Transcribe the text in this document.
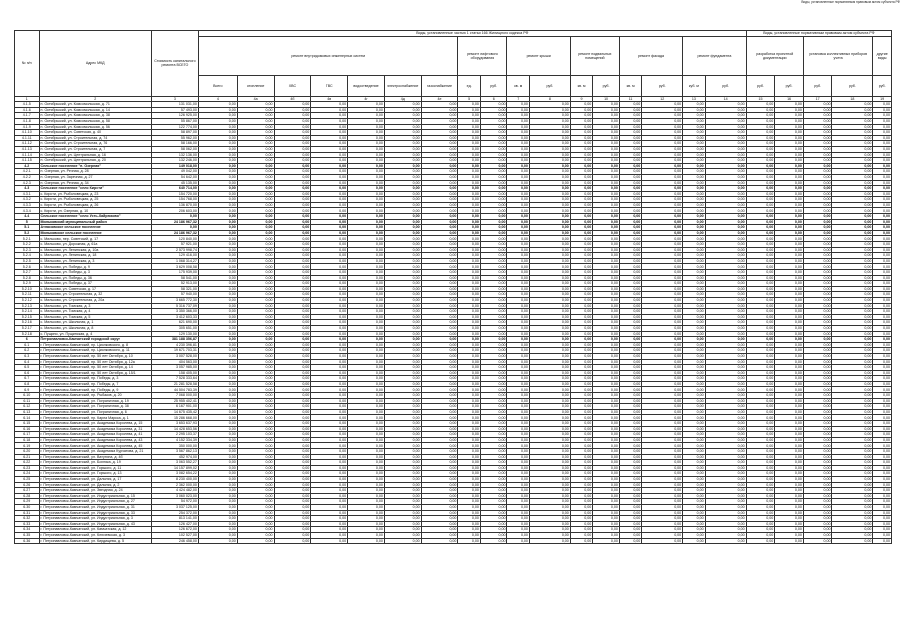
Виды, установленные нормативным правовым актом субъекта РФ
№ п/п	Адрес МКД	Стоимость капитального ремонта ВСЕГО	Виды, установленные частью 1 статьи 166 Жилищного кодекса РФ																	Виды, установленные нормативным правовым актом субъекта РФ				
			ремонт внутридомовых инженерных систем							ремонт лифтового оборудования		ремонт крыши		ремонт подвальных помещений		ремонт фасада		ремонт фундамента		разработка проектной документации		установка коллективных приборов учета		другие виды
			Всего	отопление	ХВС	ГВС	водоотведение	электроснабжение	газоснабжение	ед.	руб.	кв. м	руб.	кв. м	руб.	кв. м	руб.	куб. м	руб.	руб.	руб.	руб.	руб.	руб.
1	2	3	4	4а	4б	4в	4г	4д	4е	5	6	7	8	9	10	11	12	13	14	15	16	17	18	19
4.1.5	п. Октябрьский, ул. Комсомольская, д. 71	131 031,00	0,00	0,00	0,00	0,00	0,00	0,00	0,00	0,00	0,00	0,00	0,00	0,00	0,00	0,00	0,00	0,00	0,00	0,00	0,00	0,00	0,00	0,00
4.1.6	п. Октябрьский, ул. Комсомольская, д. 14	57 493,00	0,00	0,00	0,00	0,00	0,00	0,00	0,00	0,00	0,00	0,00	0,00	0,00	0,00	0,00	0,00	0,00	0,00	0,00	0,00	0,00	0,00	0,00
4.1.7	п. Октябрьский, ул. Комсомольская, д. 38	126 925,00	0,00	0,00	0,00	0,00	0,00	0,00	0,00	0,00	0,00	0,00	0,00	0,00	0,00	0,00	0,00	0,00	0,00	0,00	0,00	0,00	0,00	0,00
4.1.8	п. Октябрьский, ул. Комсомольская, д. 58	55 867,00	0,00	0,00	0,00	0,00	0,00	0,00	0,00	0,00	0,00	0,00	0,00	0,00	0,00	0,00	0,00	0,00	0,00	0,00	0,00	0,00	0,00	0,00
4.1.9	п. Октябрьский, ул. Комсомольская, д. 56	122 774,00	0,00	0,00	0,00	0,00	0,00	0,00	0,00	0,00	0,00	0,00	0,00	0,00	0,00	0,00	0,00	0,00	0,00	0,00	0,00	0,00	0,00	0,00
4.1.10	п. Октябрьский, ул. Советская, д. 40	58 897,00	0,00	0,00	0,00	0,00	0,00	0,00	0,00	0,00	0,00	0,00	0,00	0,00	0,00	0,00	0,00	0,00	0,00	0,00	0,00	0,00	0,00	0,00
4.1.11	п. Октябрьский, ул. Строительная, д. 74	55 962,00	0,00	0,00	0,00	0,00	0,00	0,00	0,00	0,00	0,00	0,00	0,00	0,00	0,00	0,00	0,00	0,00	0,00	0,00	0,00	0,00	0,00	0,00
4.1.12	п. Октябрьский, ул. Строительная, д. 76	58 166,00	0,00	0,00	0,00	0,00	0,00	0,00	0,00	0,00	0,00	0,00	0,00	0,00	0,00	0,00	0,00	0,00	0,00	0,00	0,00	0,00	0,00	0,00
4.1.13	п. Октябрьский, ул. Строительная, д. 7	58 062,00	0,00	0,00	0,00	0,00	0,00	0,00	0,00	0,00	0,00	0,00	0,00	0,00	0,00	0,00	0,00	0,00	0,00	0,00	0,00	0,00	0,00	0,00
4.1.14	п. Октябрьский, ул. Центральная, д. 16	132 136,00	0,00	0,00	0,00	0,00	0,00	0,00	0,00	0,00	0,00	0,00	0,00	0,00	0,00	0,00	0,00	0,00	0,00	0,00	0,00	0,00	0,00	0,00
4.1.15	п. Октябрьский, ул. Центральная, д. 20	132 246,00	0,00	0,00	0,00	0,00	0,00	0,00	0,00	0,00	0,00	0,00	0,00	0,00	0,00	0,00	0,00	0,00	0,00	0,00	0,00	0,00	0,00	0,00
4.2	Сельское поселение "п. Озерная"	149 018,00	0,00	0,00	0,00	0,00	0,00	0,00	0,00	0,00	0,00	0,00	0,00	0,00	0,00	0,00	0,00	0,00	0,00	0,00	0,00	0,00	0,00	0,00
4.2.1	п. Озерная, ул. Речная, д. 28	49 042,00	0,00	0,00	0,00	0,00	0,00	0,00	0,00	0,00	0,00	0,00	0,00	0,00	0,00	0,00	0,00	0,00	0,00	0,00	0,00	0,00	0,00	0,00
4.2.2	п. Озерная, ул. Заречная, д. 27	54 642,00	0,00	0,00	0,00	0,00	0,00	0,00	0,00	0,00	0,00	0,00	0,00	0,00	0,00	0,00	0,00	0,00	0,00	0,00	0,00	0,00	0,00	0,00
4.2.3	п. Озерная, ул. Речная, д. 34	45 135,00	0,00	0,00	0,00	0,00	0,00	0,00	0,00	0,00	0,00	0,00	0,00	0,00	0,00	0,00	0,00	0,00	0,00	0,00	0,00	0,00	0,00	0,00
4.3	Сельское поселение "село Кирсти"	640 714,00	0,00	0,00	0,00	0,00	0,00	0,00	0,00	0,00	0,00	0,00	0,00	0,00	0,00	0,00	0,00	0,00	0,00	0,00	0,00	0,00	0,00	0,00
4.3.1	с. Кирсти, ул. Рыболовецкая, д. 23	154 720,00	0,00	0,00	0,00	0,00	0,00	0,00	0,00	0,00	0,00	0,00	0,00	0,00	0,00	0,00	0,00	0,00	0,00	0,00	0,00	0,00	0,00	0,00
4.3.2	с. Кирсти, ул. Рыболовецкая, д. 25	154 768,00	0,00	0,00	0,00	0,00	0,00	0,00	0,00	0,00	0,00	0,00	0,00	0,00	0,00	0,00	0,00	0,00	0,00	0,00	0,00	0,00	0,00	0,00
4.3.3	с. Кирсти, ул. Рыболовецкая, д. 26	136 870,00	0,00	0,00	0,00	0,00	0,00	0,00	0,00	0,00	0,00	0,00	0,00	0,00	0,00	0,00	0,00	0,00	0,00	0,00	0,00	0,00	0,00	0,00
4.3.4	с. Кирсти, ул. Озерная, д. 10	206 603,00	0,00	0,00	0,00	0,00	0,00	0,00	0,00	0,00	0,00	0,00	0,00	0,00	0,00	0,00	0,00	0,00	0,00	0,00	0,00	0,00	0,00	0,00
4.4	Сельское поселение "село Усть-Хайрюзово"	0,00	0,00	0,00	0,00	0,00	0,00	0,00	0,00	0,00	0,00	0,00	0,00	0,00	0,00	0,00	0,00	0,00	0,00	0,00	0,00	0,00	0,00	0,00
5	Мильковский муниципальный район	24 186 967,32	0,00	0,00	0,00	0,00	0,00	0,00	0,00	0,00	0,00	0,00	0,00	0,00	0,00	0,00	0,00	0,00	0,00	0,00	0,00	0,00	0,00	0,00
5.1	Атласовское сельское поселение	0,00	0,00	0,00	0,00	0,00	0,00	0,00	0,00	0,00	0,00	0,00	0,00	0,00	0,00	0,00	0,00	0,00	0,00	0,00	0,00	0,00	0,00	0,00
5.2	Мильковское сельское поселение	24 186 967,32	0,00	0,00	0,00	0,00	0,00	0,00	0,00	0,00	0,00	0,00	0,00	0,00	0,00	0,00	0,00	0,00	0,00	0,00	0,00	0,00	0,00	0,00
5.2.1	с. Мильково, пер. Советский, д. 17	120 840,00	0,00	0,00	0,00	0,00	0,00	0,00	0,00	0,00	0,00	0,00	0,00	0,00	0,00	0,00	0,00	0,00	0,00	0,00	0,00	0,00	0,00	0,00
5.2.2	с. Мильково, ул. Дорожная, д. 61а	57 921,00	0,00	0,00	0,00	0,00	0,00	0,00	0,00	0,00	0,00	0,00	0,00	0,00	0,00	0,00	0,00	0,00	0,00	0,00	0,00	0,00	0,00	0,00
5.2.3	с. Мильково, ул. Ленинская, д. 10а	2 573 998,74	0,00	0,00	0,00	0,00	0,00	0,00	0,00	0,00	0,00	0,00	0,00	0,00	0,00	0,00	0,00	0,00	0,00	0,00	0,00	0,00	0,00	0,00
5.2.4	с. Мильково, ул. Ленинская, д. 18	129 416,00	0,00	0,00	0,00	0,00	0,00	0,00	0,00	0,00	0,00	0,00	0,00	0,00	0,00	0,00	0,00	0,00	0,00	0,00	0,00	0,00	0,00	0,00
5.2.5	с. Мильково, ул. Ленинская, д. 3	1 068 314,27	0,00	0,00	0,00	0,00	0,00	0,00	0,00	0,00	0,00	0,00	0,00	0,00	0,00	0,00	0,00	0,00	0,00	0,00	0,00	0,00	0,00	0,00
5.2.6	с. Мильково, ул. Победы, д. 9	3 629 008,58	0,00	0,00	0,00	0,00	0,00	0,00	0,00	0,00	0,00	0,00	0,00	0,00	0,00	0,00	0,00	0,00	0,00	0,00	0,00	0,00	0,00	0,00
5.2.7	с. Мильково, ул. Победы, д. 3	175 939,00	0,00	0,00	0,00	0,00	0,00	0,00	0,00	0,00	0,00	0,00	0,00	0,00	0,00	0,00	0,00	0,00	0,00	0,00	0,00	0,00	0,00	0,00
5.2.8	с. Мильково, ул. Победы, д. 36	58 541,00	0,00	0,00	0,00	0,00	0,00	0,00	0,00	0,00	0,00	0,00	0,00	0,00	0,00	0,00	0,00	0,00	0,00	0,00	0,00	0,00	0,00	0,00
5.2.9	с. Мильково, ул. Победы, д. 37	52 913,00	0,00	0,00	0,00	0,00	0,00	0,00	0,00	0,00	0,00	0,00	0,00	0,00	0,00	0,00	0,00	0,00	0,00	0,00	0,00	0,00	0,00	0,00
5.2.10	с. Мильково, ул. Советская, д. 17	58 321,00	0,00	0,00	0,00	0,00	0,00	0,00	0,00	0,00	0,00	0,00	0,00	0,00	0,00	0,00	0,00	0,00	0,00	0,00	0,00	0,00	0,00	0,00
5.2.11	с. Мильково, ул. Строительная, д. 32	57 940,00	0,00	0,00	0,00	0,00	0,00	0,00	0,00	0,00	0,00	0,00	0,00	0,00	0,00	0,00	0,00	0,00	0,00	0,00	0,00	0,00	0,00	0,00
5.2.12	с. Мильково, ул. Строительная, д. 20а	3 665 772,30	0,00	0,00	0,00	0,00	0,00	0,00	0,00	0,00	0,00	0,00	0,00	0,00	0,00	0,00	0,00	0,00	0,00	0,00	0,00	0,00	0,00	0,00
5.2.13	с. Мильково, ул. Томская, д. 3	5 316 737,09	0,00	0,00	0,00	0,00	0,00	0,00	0,00	0,00	0,00	0,00	0,00	0,00	0,00	0,00	0,00	0,00	0,00	0,00	0,00	0,00	0,00	0,00
5.2.14	с. Мильково, ул. Томская, д. 4	3 350 366,00	0,00	0,00	0,00	0,00	0,00	0,00	0,00	0,00	0,00	0,00	0,00	0,00	0,00	0,00	0,00	0,00	0,00	0,00	0,00	0,00	0,00	0,00
5.2.15	с. Мильково, ул. Томская, д. 5	3 412 603,33	0,00	0,00	0,00	0,00	0,00	0,00	0,00	0,00	0,00	0,00	0,00	0,00	0,00	0,00	0,00	0,00	0,00	0,00	0,00	0,00	0,00	0,00
5.2.16	с. Мильково, ул. Школьная, д. 1	621 690,00	0,00	0,00	0,00	0,00	0,00	0,00	0,00	0,00	0,00	0,00	0,00	0,00	0,00	0,00	0,00	0,00	0,00	0,00	0,00	0,00	0,00	0,00
5.2.17	с. Мильково, ул. Школьная, д. 8	305 651,00	0,00	0,00	0,00	0,00	0,00	0,00	0,00	0,00	0,00	0,00	0,00	0,00	0,00	0,00	0,00	0,00	0,00	0,00	0,00	0,00	0,00	0,00
5.2.18	с. Пущино, ул. Пущинская, д. 4	129 130,00	0,00	0,00	0,00	0,00	0,00	0,00	0,00	0,00	0,00	0,00	0,00	0,00	0,00	0,00	0,00	0,00	0,00	0,00	0,00	0,00	0,00	0,00
6	Петропавловск-Камчатский городской округ	381 188 356,87	0,00	0,00	0,00	0,00	0,00	0,00	0,00	0,00	0,00	0,00	0,00	0,00	0,00	0,00	0,00	0,00	0,00	0,00	0,00	0,00	0,00	0,00
6.1	г. Петропавловск-Камчатский, пр. Циолковского, д. 8	4 230 396,81	0,00	0,00	0,00	0,00	0,00	0,00	0,00	0,00	0,00	0,00	0,00	0,00	0,00	0,00	0,00	0,00	0,00	0,00	0,00	0,00	0,00	0,00
6.2	г. Петропавловск-Камчатский, пр. Циолковского, д. 11	19 671 703,31	0,00	0,00	0,00	0,00	0,00	0,00	0,00	0,00	0,00	0,00	0,00	0,00	0,00	0,00	0,00	0,00	0,00	0,00	0,00	0,00	0,00	0,00
6.3	г. Петропавловск-Камчатский, пр. 50 лет Октября, д. 10	3 007 528,00	0,00	0,00	0,00	0,00	0,00	0,00	0,00	0,00	0,00	0,00	0,00	0,00	0,00	0,00	0,00	0,00	0,00	0,00	0,00	0,00	0,00	0,00
6.4	г. Петропавловск-Камчатский, пр. 50 лет Октября, д. 12а	404 563,00	0,00	0,00	0,00	0,00	0,00	0,00	0,00	0,00	0,00	0,00	0,00	0,00	0,00	0,00	0,00	0,00	0,00	0,00	0,00	0,00	0,00	0,00
6.5	г. Петропавловск-Камчатский, пр. 50 лет Октября, д. 14	3 057 985,00	0,00	0,00	0,00	0,00	0,00	0,00	0,00	0,00	0,00	0,00	0,00	0,00	0,00	0,00	0,00	0,00	0,00	0,00	0,00	0,00	0,00	0,00
6.6	г. Петропавловск-Камчатский, пр. 50 лет Октября, д. 15/1	158 405,00	0,00	0,00	0,00	0,00	0,00	0,00	0,00	0,00	0,00	0,00	0,00	0,00	0,00	0,00	0,00	0,00	0,00	0,00	0,00	0,00	0,00	0,00
6.7	г. Петропавловск-Камчатский, пр. Победы, д. 3	7 528 333,64	0,00	0,00	0,00	0,00	0,00	0,00	0,00	0,00	0,00	0,00	0,00	0,00	0,00	0,00	0,00	0,00	0,00	0,00	0,00	0,00	0,00	0,00
6.8	г. Петропавловск-Камчатский, пр. Победы, д. 7	21 281 528,58	0,00	0,00	0,00	0,00	0,00	0,00	0,00	0,00	0,00	0,00	0,00	0,00	0,00	0,00	0,00	0,00	0,00	0,00	0,00	0,00	0,00	0,00
6.9	г. Петропавловск-Камчатский, пр. Победы, д. 9	44 504 783,39	0,00	0,00	0,00	0,00	0,00	0,00	0,00	0,00	0,00	0,00	0,00	0,00	0,00	0,00	0,00	0,00	0,00	0,00	0,00	0,00	0,00	0,00
6.10	г. Петропавловск-Камчатский, пр. Рыбаков, д. 20	7 068 000,00	0,00	0,00	0,00	0,00	0,00	0,00	0,00	0,00	0,00	0,00	0,00	0,00	0,00	0,00	0,00	0,00	0,00	0,00	0,00	0,00	0,00	0,00
6.11	г. Петропавловск-Камчатский, ул. Пограничная, д. 19	25 955 402,41	0,00	0,00	0,00	0,00	0,00	0,00	0,00	0,00	0,00	0,00	0,00	0,00	0,00	0,00	0,00	0,00	0,00	0,00	0,00	0,00	0,00	0,00
6.12	г. Петропавловск-Камчатский, ул. Пограничная, д. 38	6 167 901,00	0,00	0,00	0,00	0,00	0,00	0,00	0,00	0,00	0,00	0,00	0,00	0,00	0,00	0,00	0,00	0,00	0,00	0,00	0,00	0,00	0,00	0,00
6.13	г. Петропавловск-Камчатский, ул. Пограничная, д. 6	14 675 435,42	0,00	0,00	0,00	0,00	0,00	0,00	0,00	0,00	0,00	0,00	0,00	0,00	0,00	0,00	0,00	0,00	0,00	0,00	0,00	0,00	0,00	0,00
6.14	г. Петропавловск-Камчатский, пр. Карла Маркса, д. 1	15 286 668,00	0,00	0,00	0,00	0,00	0,00	0,00	0,00	0,00	0,00	0,00	0,00	0,00	0,00	0,00	0,00	0,00	0,00	0,00	0,00	0,00	0,00	0,00
6.15	г. Петропавловск-Камчатский, ул. Академика Королева, д. 15	3 653 637,93	0,00	0,00	0,00	0,00	0,00	0,00	0,00	0,00	0,00	0,00	0,00	0,00	0,00	0,00	0,00	0,00	0,00	0,00	0,00	0,00	0,00	0,00
6.16	г. Петропавловск-Камчатский, ул. Академика Королева, д. 31	14 428 653,56	0,00	0,00	0,00	0,00	0,00	0,00	0,00	0,00	0,00	0,00	0,00	0,00	0,00	0,00	0,00	0,00	0,00	0,00	0,00	0,00	0,00	0,00
6.17	г. Петропавловск-Камчатский, ул. Академика Королева, д. 41	2 295 103,37	0,00	0,00	0,00	0,00	0,00	0,00	0,00	0,00	0,00	0,00	0,00	0,00	0,00	0,00	0,00	0,00	0,00	0,00	0,00	0,00	0,00	0,00
6.18	г. Петропавловск-Камчатский, ул. Академика Королева, д. 43	4 152 334,39	0,00	0,00	0,00	0,00	0,00	0,00	0,00	0,00	0,00	0,00	0,00	0,00	0,00	0,00	0,00	0,00	0,00	0,00	0,00	0,00	0,00	0,00
6.19	г. Петропавловск-Камчатский, ул. Академика Королева, д. 45	350 000,00	0,00	0,00	0,00	0,00	0,00	0,00	0,00	0,00	0,00	0,00	0,00	0,00	0,00	0,00	0,00	0,00	0,00	0,00	0,00	0,00	0,00	0,00
6.20	г. Петропавловск-Камчатский, ул. Академика Курчатова, д. 21	3 567 862,13	0,00	0,00	0,00	0,00	0,00	0,00	0,00	0,00	0,00	0,00	0,00	0,00	0,00	0,00	0,00	0,00	0,00	0,00	0,00	0,00	0,00	0,00
6.21	г. Петропавловск-Камчатский, ул. Ватутина, д. 4б	452 974,00	0,00	0,00	0,00	0,00	0,00	0,00	0,00	0,00	0,00	0,00	0,00	0,00	0,00	0,00	0,00	0,00	0,00	0,00	0,00	0,00	0,00	0,00
6.22	г. Петропавловск-Камчатский, ул. Бохняка, д. 19	3 063 552,27	0,00	0,00	0,00	0,00	0,00	0,00	0,00	0,00	0,00	0,00	0,00	0,00	0,00	0,00	0,00	0,00	0,00	0,00	0,00	0,00	0,00	0,00
6.23	г. Петропавловск-Камчатский, ул. Горького, д. 11	14 157 899,02	0,00	0,00	0,00	0,00	0,00	0,00	0,00	0,00	0,00	0,00	0,00	0,00	0,00	0,00	0,00	0,00	0,00	0,00	0,00	0,00	0,00	0,00
6.24	г. Петропавловск-Камчатский, ул. Горького, д. 13	3 082 654,22	0,00	0,00	0,00	0,00	0,00	0,00	0,00	0,00	0,00	0,00	0,00	0,00	0,00	0,00	0,00	0,00	0,00	0,00	0,00	0,00	0,00	0,00
6.25	г. Петропавловск-Камчатский, ул. Дальняя, д. 17	8 230 400,00	0,00	0,00	0,00	0,00	0,00	0,00	0,00	0,00	0,00	0,00	0,00	0,00	0,00	0,00	0,00	0,00	0,00	0,00	0,00	0,00	0,00	0,00
6.26	г. Петропавловск-Камчатский, ул. Дальняя, д. 2	2 362 000,00	0,00	0,00	0,00	0,00	0,00	0,00	0,00	0,00	0,00	0,00	0,00	0,00	0,00	0,00	0,00	0,00	0,00	0,00	0,00	0,00	0,00	0,00
6.27	г. Петропавловск-Камчатский, ул. Звездная, д. 24	4 424 482,00	0,00	0,00	0,00	0,00	0,00	0,00	0,00	0,00	0,00	0,00	0,00	0,00	0,00	0,00	0,00	0,00	0,00	0,00	0,00	0,00	0,00	0,00
6.28	г. Петропавловск-Камчатский, ул. Индустриальная, д. 15	3 060 023,00	0,00	0,00	0,00	0,00	0,00	0,00	0,00	0,00	0,00	0,00	0,00	0,00	0,00	0,00	0,00	0,00	0,00	0,00	0,00	0,00	0,00	0,00
6.29	г. Петропавловск-Камчатский, ул. Индустриальная, д. 27	54 972,00	0,00	0,00	0,00	0,00	0,00	0,00	0,00	0,00	0,00	0,00	0,00	0,00	0,00	0,00	0,00	0,00	0,00	0,00	0,00	0,00	0,00	0,00
6.30	г. Петропавловск-Камчатский, ул. Индустриальная, д. 31	3 037 125,00	0,00	0,00	0,00	0,00	0,00	0,00	0,00	0,00	0,00	0,00	0,00	0,00	0,00	0,00	0,00	0,00	0,00	0,00	0,00	0,00	0,00	0,00
6.31	г. Петропавловск-Камчатский, ул. Индустриальная, д. 33	254 372,00	0,00	0,00	0,00	0,00	0,00	0,00	0,00	0,00	0,00	0,00	0,00	0,00	0,00	0,00	0,00	0,00	0,00	0,00	0,00	0,00	0,00	0,00
6.32	г. Петропавловск-Камчатский, ул. Индустриальная, д. 3	813 141,00	0,00	0,00	0,00	0,00	0,00	0,00	0,00	0,00	0,00	0,00	0,00	0,00	0,00	0,00	0,00	0,00	0,00	0,00	0,00	0,00	0,00	0,00
6.33	г. Петропавловск-Камчатский, ул. Индустриальная, д. 43	126 427,00	0,00	0,00	0,00	0,00	0,00	0,00	0,00	0,00	0,00	0,00	0,00	0,00	0,00	0,00	0,00	0,00	0,00	0,00	0,00	0,00	0,00	0,00
6.34	г. Петропавловск-Камчатский, ул. Камчатская, д. 12	126 672,00	0,00	0,00	0,00	0,00	0,00	0,00	0,00	0,00	0,00	0,00	0,00	0,00	0,00	0,00	0,00	0,00	0,00	0,00	0,00	0,00	0,00	0,00
6.35	г. Петропавловск-Камчатский, ул. Ключевская, д. 3	102 527,00	0,00	0,00	0,00	0,00	0,00	0,00	0,00	0,00	0,00	0,00	0,00	0,00	0,00	0,00	0,00	0,00	0,00	0,00	0,00	0,00	0,00	0,00
6.36	г. Петропавловск-Камчатский, ул. Кирдищева, д. 5	246 458,00	0,00	0,00	0,00	0,00	0,00	0,00	0,00	0,00	0,00	0,00	0,00	0,00	0,00	0,00	0,00	0,00	0,00	0,00	0,00	0,00	0,00	0,00
